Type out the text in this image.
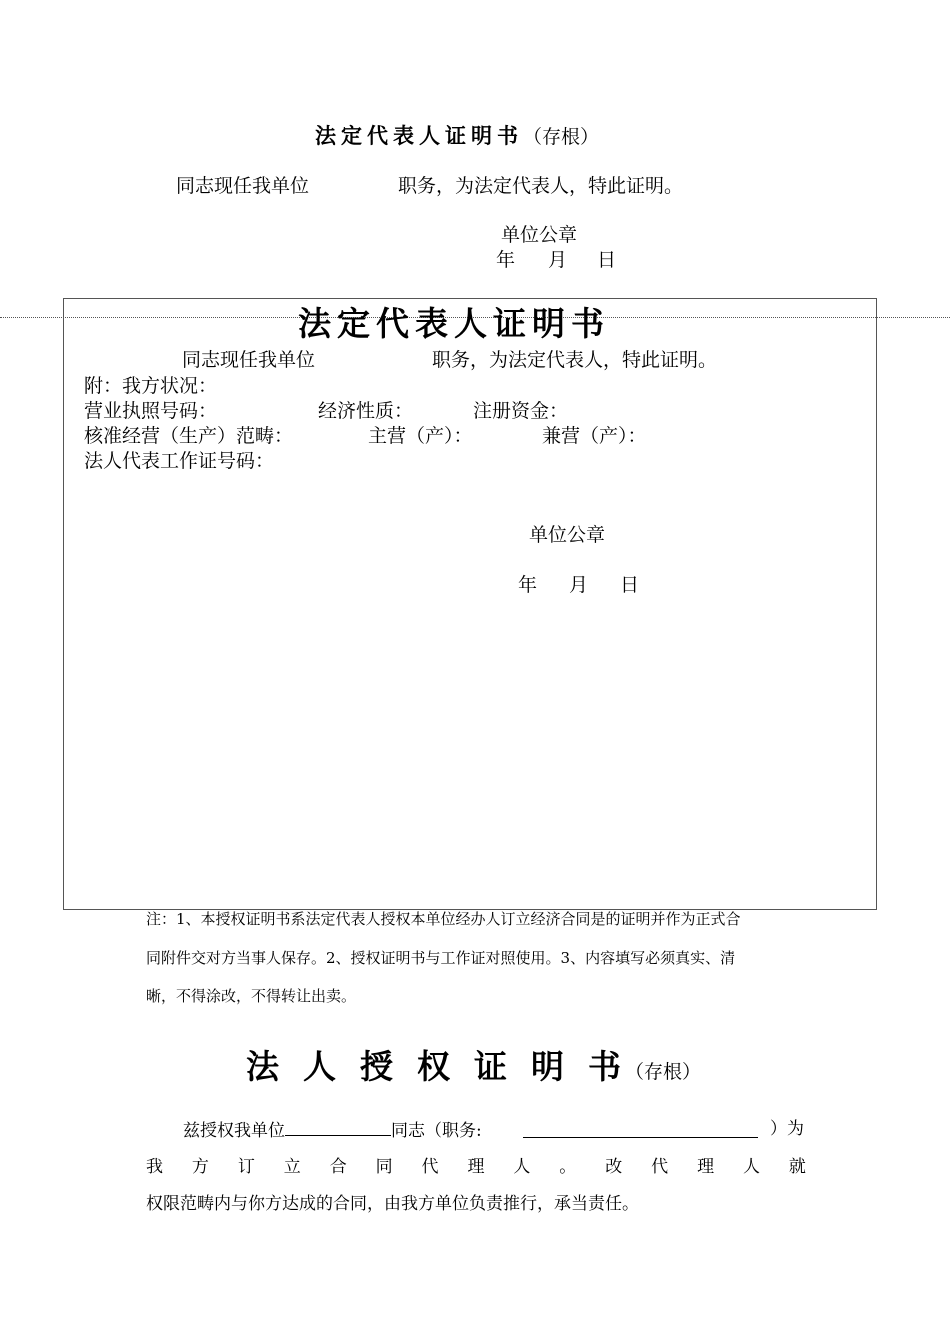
法定代表人证明书（存根）
同志现任我单位	职务，为法定代表人，特此证明。
单位公章
年 月 日
法定代表人证明书
同志现任我单位	职务，为法定代表人，特此证明。
附：我方状况：
营业执照号码：	经济性质：	注册资金：
核准经营（生产）范畴：	主营（产）：	兼营（产）：
法人代表工作证号码：
单位公章
年 月 日
注：1、本授权证明书系法定代表人授权本单位经办人订立经济合同是的证明并作为正式合
同附件交对方当事人保存。2、授权证明书与工作证对照使用。3、内容填写必须真实、清
晰，不得涂改，不得转让出卖。
法 人 授 权 证 明 书 （存根）
兹授权我单位	同志（职务:	）为
我 方 订 立 合 同 代 理 人 。 改 代 理 人 就
权限范畴内与你方达成的合同，由我方单位负责推行，承当责任。
